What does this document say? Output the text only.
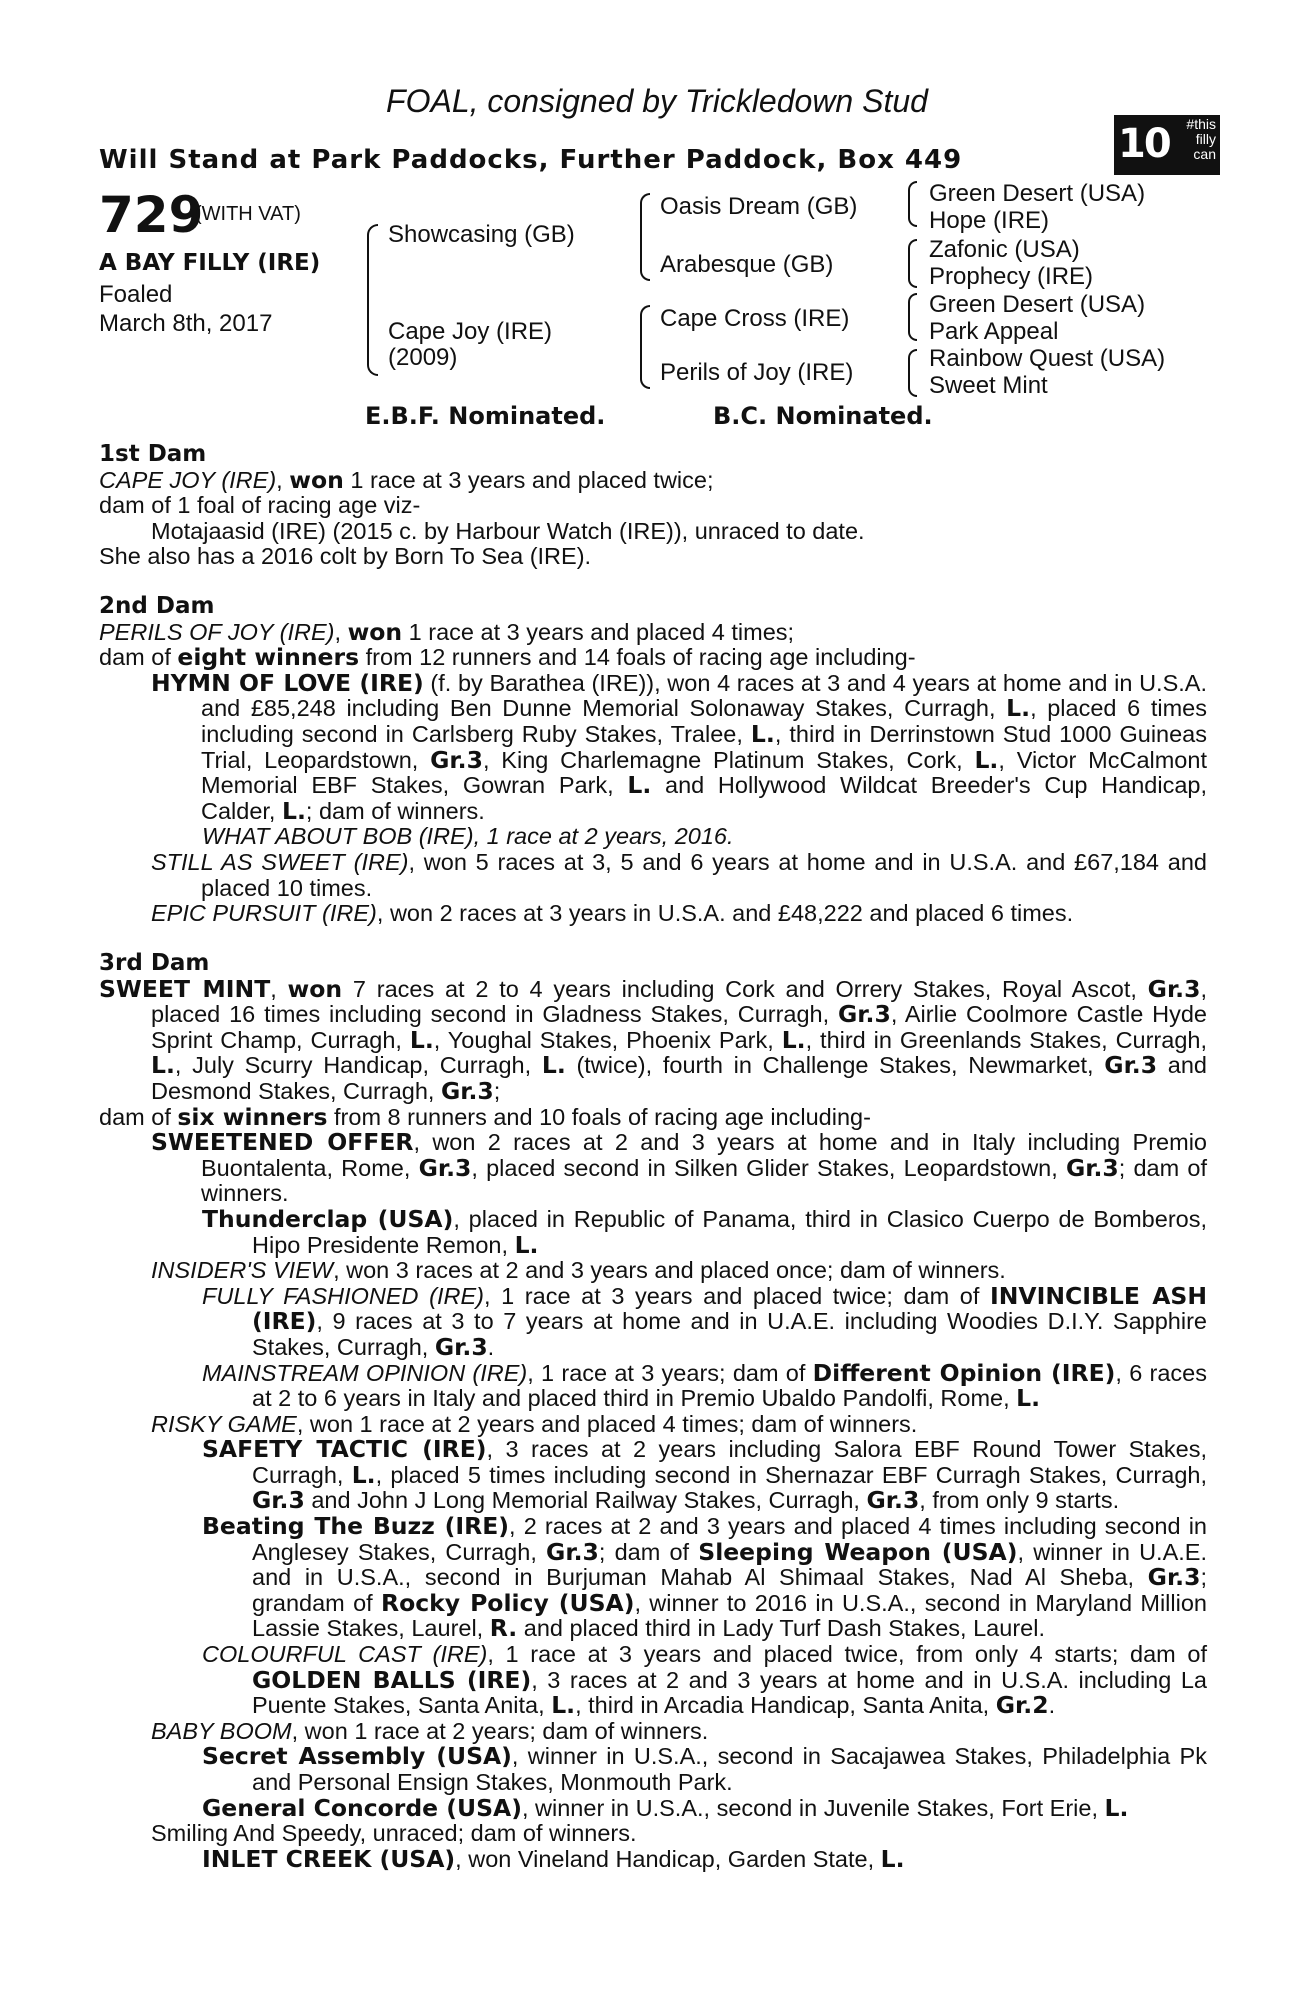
FOAL, consigned by Trickledown Stud
Will Stand at Park Paddocks, Further Paddock, Box 449	10	#this
filly
can
729
(WITH VAT)
A BAY FILLY (IRE)
Foaled
March 8th, 2017
Showcasing (GB)
Cape Joy (IRE)
(2009)
Oasis Dream (GB)
Arabesque (GB)
Cape Cross (IRE)
Perils of Joy (IRE)
Green Desert (USA)
Hope (IRE)
Zafonic (USA)
Prophecy (IRE)
Green Desert (USA)
Park Appeal
Rainbow Quest (USA)
Sweet Mint
E.B.F. Nominated.	B.C. Nominated.

1st Dam

CAPE JOY (IRE), won 1 race at 3 years and placed twice;

dam of 1 foal of racing age viz-

Motajaasid (IRE) (2015 c. by Harbour Watch (IRE)), unraced to date.

She also has a 2016 colt by Born To Sea (IRE).

2nd Dam

PERILS OF JOY (IRE), won 1 race at 3 years and placed 4 times;

dam of eight winners from 12 runners and 14 foals of racing age including-

HYMN OF LOVE (IRE) (f. by Barathea (IRE)), won 4 races at 3 and 4 years at home and in U.S.A. and £85,248 including Ben Dunne Memorial Solonaway Stakes, Curragh, L., placed 6 times including second in Carlsberg Ruby Stakes, Tralee, L., third in Derrinstown Stud 1000 Guineas Trial, Leopardstown, Gr.3, King Charlemagne Platinum Stakes, Cork, L., Victor McCalmont Memorial EBF Stakes, Gowran Park, L. and Hollywood Wildcat Breeder's Cup Handicap, Calder, L.; dam of winners.

WHAT ABOUT BOB (IRE), 1 race at 2 years, 2016.

STILL AS SWEET (IRE), won 5 races at 3, 5 and 6 years at home and in U.S.A. and £67,184 and placed 10 times.

EPIC PURSUIT (IRE), won 2 races at 3 years in U.S.A. and £48,222 and placed 6 times.

3rd Dam

SWEET MINT, won 7 races at 2 to 4 years including Cork and Orrery Stakes, Royal Ascot, Gr.3, placed 16 times including second in Gladness Stakes, Curragh, Gr.3, Airlie Coolmore Castle Hyde Sprint Champ, Curragh, L., Youghal Stakes, Phoenix Park, L., third in Greenlands Stakes, Curragh, L., July Scurry Handicap, Curragh, L. (twice), fourth in Challenge Stakes, Newmarket, Gr.3 and Desmond Stakes, Curragh, Gr.3;

dam of six winners from 8 runners and 10 foals of racing age including-

SWEETENED OFFER, won 2 races at 2 and 3 years at home and in Italy including Premio Buontalenta, Rome, Gr.3, placed second in Silken Glider Stakes, Leopardstown, Gr.3; dam of winners.

Thunderclap (USA), placed in Republic of Panama, third in Clasico Cuerpo de Bomberos, Hipo Presidente Remon, L.

INSIDER'S VIEW, won 3 races at 2 and 3 years and placed once; dam of winners.

FULLY FASHIONED (IRE), 1 race at 3 years and placed twice; dam of INVINCIBLE ASH (IRE), 9 races at 3 to 7 years at home and in U.A.E. including Woodies D.I.Y. Sapphire Stakes, Curragh, Gr.3.

MAINSTREAM OPINION (IRE), 1 race at 3 years; dam of Different Opinion (IRE), 6 races at 2 to 6 years in Italy and placed third in Premio Ubaldo Pandolfi, Rome, L.

RISKY GAME, won 1 race at 2 years and placed 4 times; dam of winners.

SAFETY TACTIC (IRE), 3 races at 2 years including Salora EBF Round Tower Stakes, Curragh, L., placed 5 times including second in Shernazar EBF Curragh Stakes, Curragh, Gr.3 and John J Long Memorial Railway Stakes, Curragh, Gr.3, from only 9 starts.

Beating The Buzz (IRE), 2 races at 2 and 3 years and placed 4 times including second in Anglesey Stakes, Curragh, Gr.3; dam of Sleeping Weapon (USA), winner in U.A.E. and in U.S.A., second in Burjuman Mahab Al Shimaal Stakes, Nad Al Sheba, Gr.3; grandam of Rocky Policy (USA), winner to 2016 in U.S.A., second in Maryland Million Lassie Stakes, Laurel, R. and placed third in Lady Turf Dash Stakes, Laurel.

COLOURFUL CAST (IRE), 1 race at 3 years and placed twice, from only 4 starts; dam of GOLDEN BALLS (IRE), 3 races at 2 and 3 years at home and in U.S.A. including La Puente Stakes, Santa Anita, L., third in Arcadia Handicap, Santa Anita, Gr.2.

BABY BOOM, won 1 race at 2 years; dam of winners.

Secret Assembly (USA), winner in U.S.A., second in Sacajawea Stakes, Philadelphia Pk and Personal Ensign Stakes, Monmouth Park.

General Concorde (USA), winner in U.S.A., second in Juvenile Stakes, Fort Erie, L.

Smiling And Speedy, unraced; dam of winners.

INLET CREEK (USA), won Vineland Handicap, Garden State, L.
